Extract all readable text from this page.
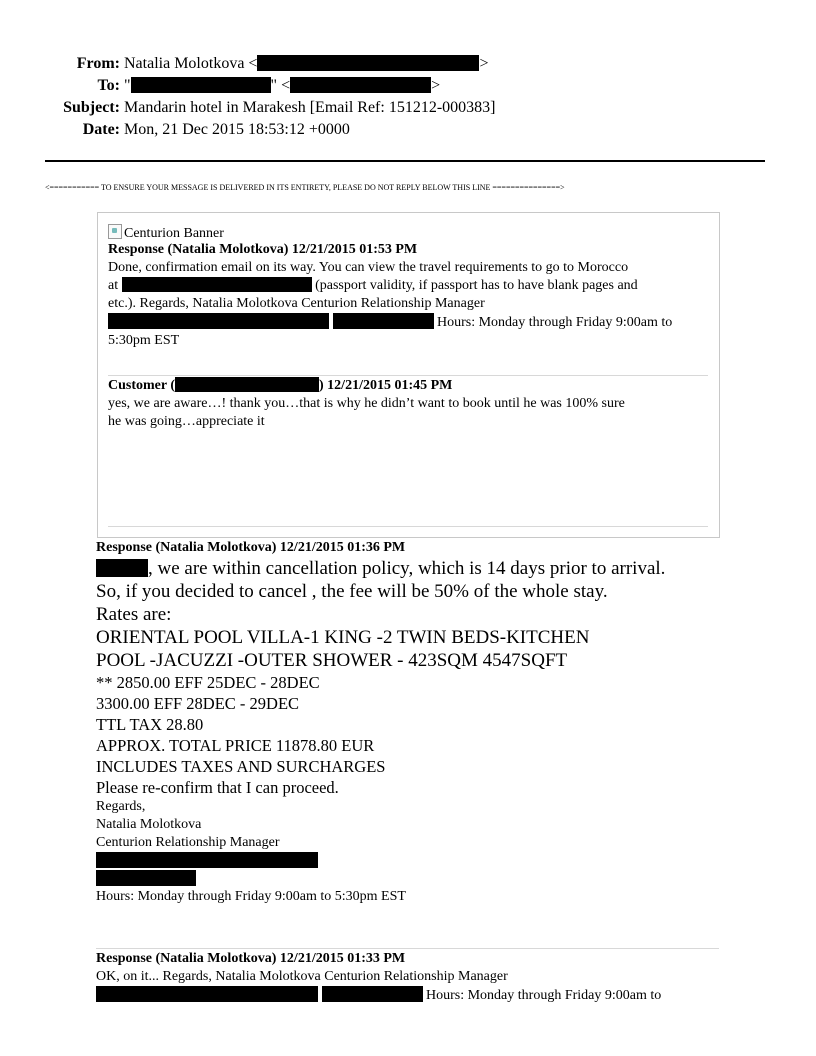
From: Natalia Molotkova <	>
To: "	" <	>
Subject: Mandarin hotel in Marakesh [Email Ref: 151212-000383]
Date: Mon, 21 Dec 2015 18:53:12 +0000
<=========== TO ENSURE YOUR MESSAGE IS DELIVERED IN ITS ENTIRETY, PLEASE DO NOT REPLY BELOW THIS LINE ===============>
Centurion Banner
Response (Natalia Molotkova) 12/21/2015 01:53 PM
Done, confirmation email on its way. You can view the travel requirements to go to Morocco
at	(passport validity, if passport has to have blank pages and
etc.). Regards, Natalia Molotkova Centurion Relationship Manager
Hours: Monday through Friday 9:00am to
5:30pm EST
Customer (	) 12/21/2015 01:45 PM
yes, we are aware…! thank you…that is why he didn’t want to book until he was 100% sure
he was going…appreciate it
Response (Natalia Molotkova) 12/21/2015 01:36 PM
, we are within cancellation policy, which is 14 days prior to arrival.
So, if you decided to cancel , the fee will be 50% of the whole stay.
Rates are:
ORIENTAL POOL VILLA-1 KING -2 TWIN BEDS-KITCHEN
POOL -JACUZZI -OUTER SHOWER - 423SQM 4547SQFT
** 2850.00 EFF 25DEC - 28DEC
3300.00 EFF 28DEC - 29DEC
TTL TAX 28.80
APPROX. TOTAL PRICE 11878.80 EUR
INCLUDES TAXES AND SURCHARGES
Please re-confirm that I can proceed.
Regards,
Natalia Molotkova
Centurion Relationship Manager
Hours: Monday through Friday 9:00am to 5:30pm EST
Response (Natalia Molotkova) 12/21/2015 01:33 PM
OK, on it... Regards, Natalia Molotkova Centurion Relationship Manager
Hours: Monday through Friday 9:00am to
